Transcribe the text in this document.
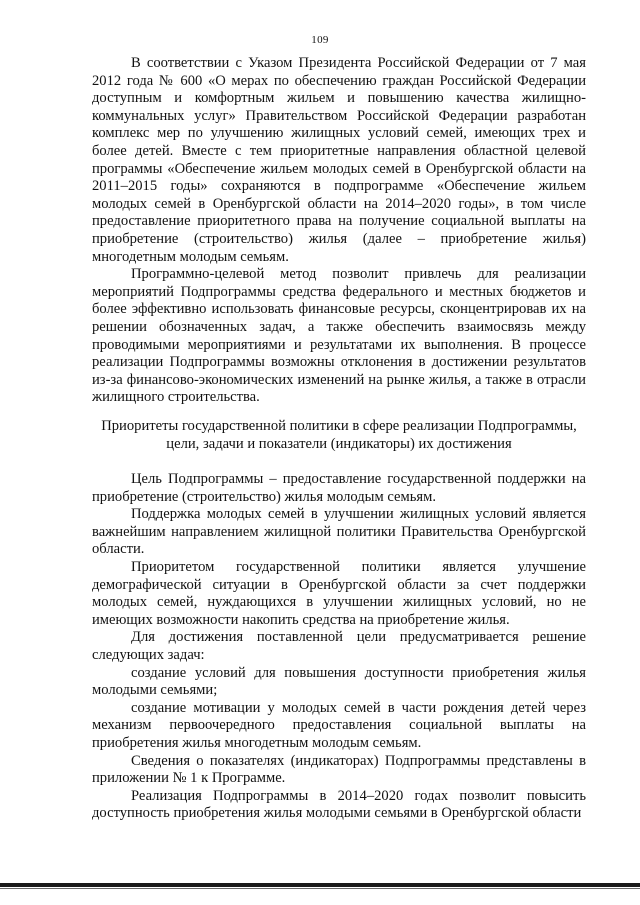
109

В соответствии с Указом Президента Российской Федерации от 7 мая 2012 года № 600 «О мерах по обеспечению граждан Российской Федерации доступным и комфортным жильем и повышению качества жилищно-коммунальных услуг» Правительством Российской Федерации разработан комплекс мер по улучшению жилищных условий семей, имеющих трех и более детей. Вместе с тем приоритетные направления областной целевой программы «Обеспечение жильем молодых семей в Оренбургской области на 2011–2015 годы» сохраняются в подпрограмме «Обеспечение жильем молодых семей в Оренбургской области на 2014–2020 годы», в том числе предоставление приоритетного права на получение социальной выплаты на приобретение (строительство) жилья (далее – приобретение жилья) многодетным молодым семьям.

Программно-целевой метод позволит привлечь для реализации мероприятий Подпрограммы средства федерального и местных бюджетов и более эффективно использовать финансовые ресурсы, сконцентрировав их на решении обозначенных задач, а также обеспечить взаимосвязь между проводимыми мероприятиями и результатами их выполнения. В процессе реализации Подпрограммы возможны отклонения в достижении результатов из-за финансово-экономических изменений на рынке жилья, а также в отрасли жилищного строительства.

Приоритеты государственной политики в сфере реализации Подпрограммы,
цели, задачи и показатели (индикаторы) их достижения

Цель Подпрограммы – предоставление государственной поддержки на приобретение (строительство) жилья молодым семьям.

Поддержка молодых семей в улучшении жилищных условий является важнейшим направлением жилищной политики Правительства Оренбургской области.

Приоритетом государственной политики является улучшение демографической ситуации в Оренбургской области за счет поддержки молодых семей, нуждающихся в улучшении жилищных условий, но не имеющих возможности накопить средства на приобретение жилья.

Для достижения поставленной цели предусматривается решение следующих задач:

создание условий для повышения доступности приобретения жилья молодыми семьями;

создание мотивации у молодых семей в части рождения детей через механизм первоочередного предоставления социальной выплаты на приобретения жилья многодетным молодым семьям.

Сведения о показателях (индикаторах) Подпрограммы представлены в приложении № 1 к Программе.

Реализация Подпрограммы в 2014–2020 годах позволит повысить доступность приобретения жилья молодыми семьями в Оренбургской области
